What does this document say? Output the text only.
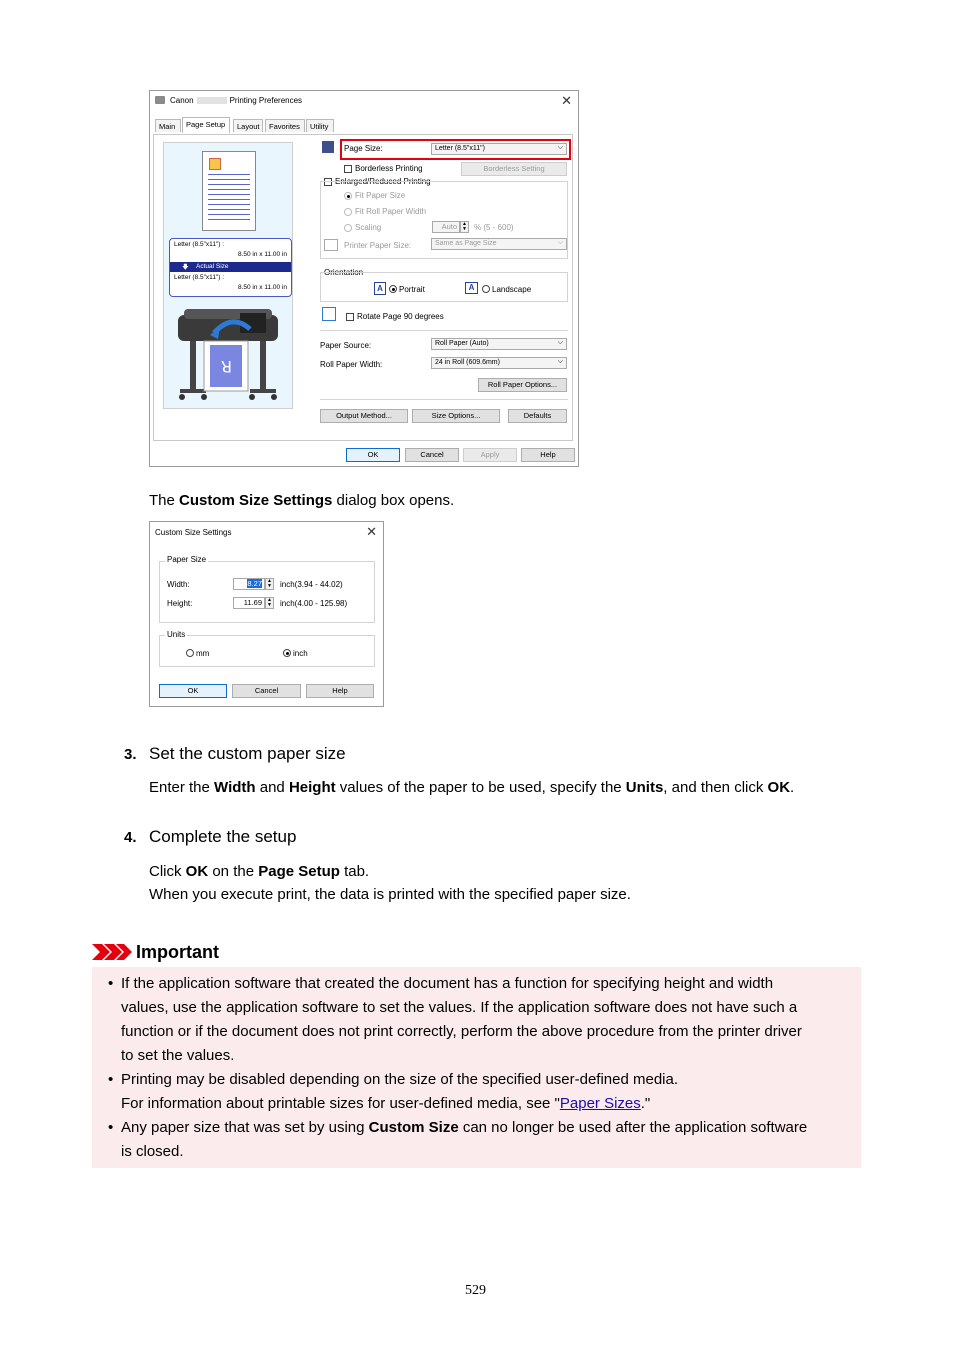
Canon	Printing Preferences	✕
Main	Page Setup	Layout	Favorites	Utility
Letter (8.5"x11") :
8.50 in x 11.00 in
🡇 Actual Size
Letter (8.5"x11") :
8.50 in x 11.00 in
R
Page Size:	Letter (8.5"x11")	⌵
Borderless Printing	Borderless Setting
Enlarged/Reduced Printing
Fit Paper Size
Fit Roll Paper Width
Scaling	Auto	▲
▼ % (5 - 600)
Printer Paper Size:	Same as Page Size	⌵
Orientation
A	Portrait	A	Landscape
Rotate Page 90 degrees
Paper Source:	Roll Paper (Auto)	⌵
Roll Paper Width:	24 in Roll (609.6mm)	⌵
Roll Paper Options...
Output Method...	Size Options...	Defaults
OK	Cancel	Apply	Help
The Custom Size Settings dialog box opens.
Custom Size Settings	✕
Paper Size
Width:	8.27	▲
▼ inch(3.94 - 44.02)
Height:	11.69	▲
▼ inch(4.00 - 125.98)
Units
mm	inch
OK	Cancel	Help
3. Set the custom paper size
Enter the Width and Height values of the paper to be used, specify the Units, and then click OK.
4. Complete the setup
Click OK on the Page Setup tab.
When you execute print, the data is printed with the specified paper size.
Important
• If the application software that created the document has a function for specifying height and width
values, use the application software to set the values. If the application software does not have such a
function or if the document does not print correctly, perform the above procedure from the printer driver
to set the values.
• Printing may be disabled depending on the size of the specified user-defined media.
For information about printable sizes for user-defined media, see "Paper Sizes."
• Any paper size that was set by using Custom Size can no longer be used after the application software
is closed.
529
